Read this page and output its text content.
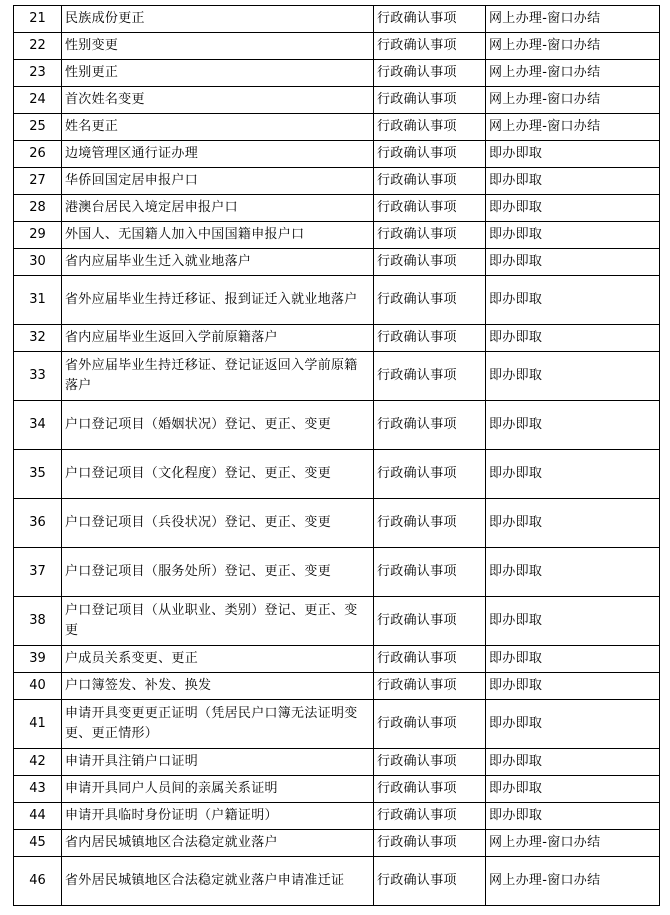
21	民族成份更正	行政确认事项	网上办理-窗口办结
22	性别变更	行政确认事项	网上办理-窗口办结
23	性别更正	行政确认事项	网上办理-窗口办结
24	首次姓名变更	行政确认事项	网上办理-窗口办结
25	姓名更正	行政确认事项	网上办理-窗口办结
26	边境管理区通行证办理	行政确认事项	即办即取
27	华侨回国定居申报户口	行政确认事项	即办即取
28	港澳台居民入境定居申报户口	行政确认事项	即办即取
29	外国人、无国籍人加入中国国籍申报户口	行政确认事项	即办即取
30	省内应届毕业生迁入就业地落户	行政确认事项	即办即取
31	省外应届毕业生持迁移证、报到证迁入就业地落户	行政确认事项	即办即取
32	省内应届毕业生返回入学前原籍落户	行政确认事项	即办即取
33	省外应届毕业生持迁移证、登记证返回入学前原籍落户	行政确认事项	即办即取
34	户口登记项目（婚姻状况）登记、更正、变更	行政确认事项	即办即取
35	户口登记项目（文化程度）登记、更正、变更	行政确认事项	即办即取
36	户口登记项目（兵役状况）登记、更正、变更	行政确认事项	即办即取
37	户口登记项目（服务处所）登记、更正、变更	行政确认事项	即办即取
38	户口登记项目（从业职业、类别）登记、更正、变更	行政确认事项	即办即取
39	户成员关系变更、更正	行政确认事项	即办即取
40	户口簿签发、补发、换发	行政确认事项	即办即取
41	申请开具变更更正证明（凭居民户口簿无法证明变更、更正情形）	行政确认事项	即办即取
42	申请开具注销户口证明	行政确认事项	即办即取
43	申请开具同户人员间的亲属关系证明	行政确认事项	即办即取
44	申请开具临时身份证明（户籍证明）	行政确认事项	即办即取
45	省内居民城镇地区合法稳定就业落户	行政确认事项	网上办理-窗口办结
46	省外居民城镇地区合法稳定就业落户申请准迁证	行政确认事项	网上办理-窗口办结
